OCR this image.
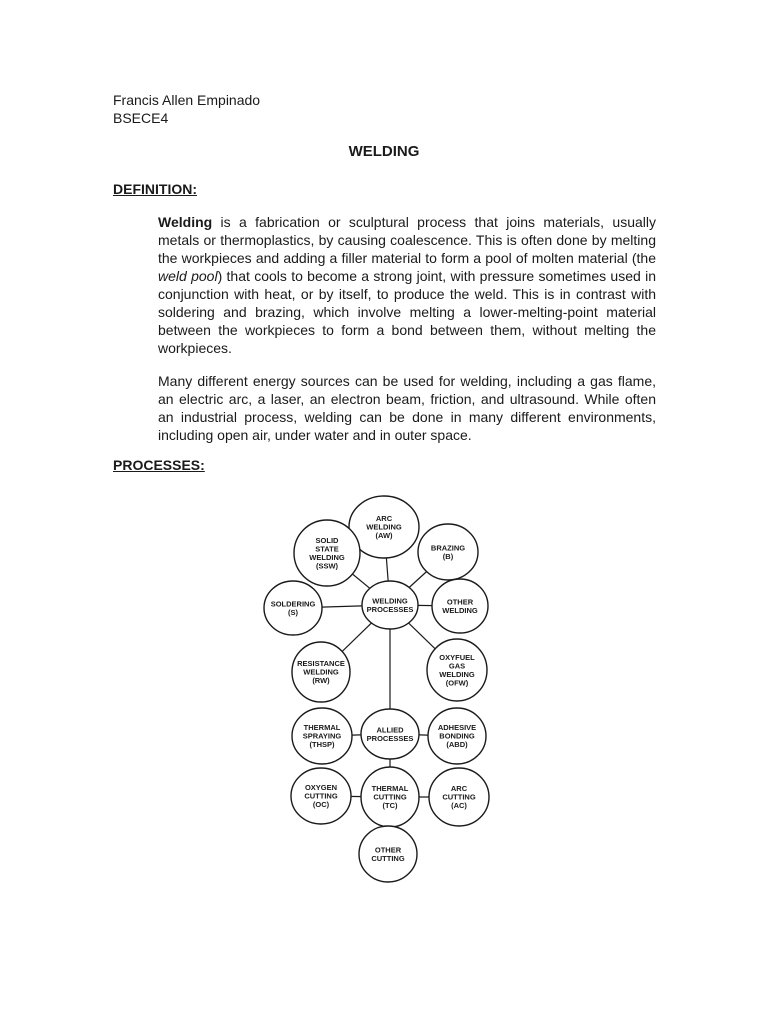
Francis Allen Empinado
BSECE4
WELDING
DEFINITION:

Welding is a fabrication or sculptural process that joins materials, usually metals or thermoplastics, by causing coalescence. This is often done by melting the workpieces and adding a filler material to form a pool of molten material (the weld pool) that cools to become a strong joint, with pressure sometimes used in conjunction with heat, or by itself, to produce the weld. This is in contrast with soldering and brazing, which involve melting a lower-melting-point material between the workpieces to form a bond between them, without melting the workpieces.

Many different energy sources can be used for welding, including a gas flame, an electric arc, a laser, an electron beam, friction, and ultrasound. While often an industrial process, welding can be done in many different environments, including open air, under water and in outer space.

PROCESSES:
ARC
WELDING
(AW)
SOLID
STATE
WELDING
(SSW)
BRAZING
(B)
SOLDERING
(S)
WELDING
PROCESSES
OTHER
WELDING
RESISTANCE
WELDING
(RW)
OXYFUEL
GAS
WELDING
(OFW)
THERMAL
SPRAYING
(THSP)
ALLIED
PROCESSES
ADHESIVE
BONDING
(ABD)
OXYGEN
CUTTING
(OC)
THERMAL
CUTTING
(TC)
ARC
CUTTING
(AC)
OTHER
CUTTING
